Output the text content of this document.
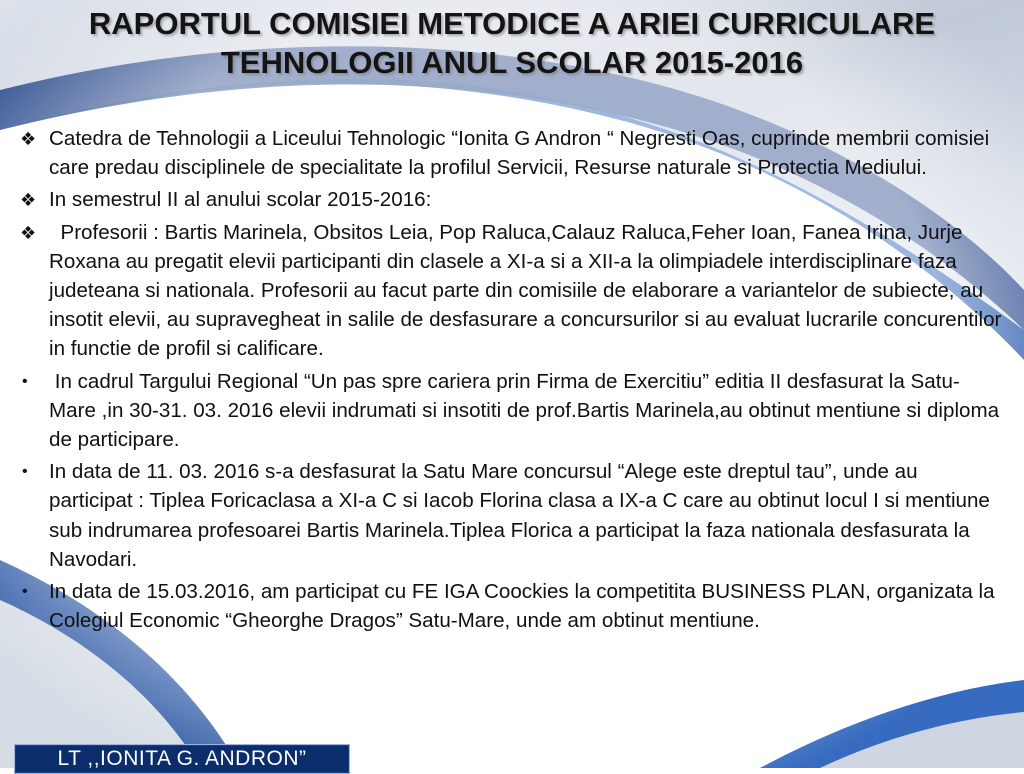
RAPORTUL COMISIEI METODICE A ARIEI CURRICULARE
TEHNOLOGII ANUL SCOLAR 2015-2016
❖ Catedra de Tehnologii a Liceului Tehnologic “Ionita G Andron “ Negresti Oas, cuprinde membrii comisiei care predau disciplinele de specialitate la profilul Servicii, Resurse naturale si Protectia Mediului.
❖ In semestrul II al anului scolar 2015-2016:
❖ Profesorii : Bartis Marinela, Obsitos Leia, Pop Raluca,Calauz Raluca,Feher Ioan, Fanea Irina, Jurje Roxana au pregatit elevii participanti din clasele a XI-a si a XII-a la olimpiadele interdisciplinare faza judeteana si nationala. Profesorii au facut parte din comisiile de elaborare a variantelor de subiecte, au insotit elevii, au supravegheat in salile de desfasurare a concursurilor si au evaluat lucrarile concurentilor in functie de profil si calificare.
•	In cadrul Targului Regional “Un pas spre cariera prin Firma de Exercitiu” editia II desfasurat la Satu-Mare ,in 30-31. 03. 2016 elevii indrumati si insotiti de prof.Bartis Marinela,au obtinut mentiune si diploma de participare.
•	In data de 11. 03. 2016 s-a desfasurat la Satu Mare concursul “Alege este dreptul tau”, unde au participat : Tiplea Foricaclasa a XI-a C si Iacob Florina clasa a IX-a C care au obtinut locul I si mentiune sub indrumarea profesoarei Bartis Marinela.Tiplea Florica a participat la faza nationala desfasurata la Navodari.
•	In data de 15.03.2016, am participat cu FE IGA Coockies la competitita BUSINESS PLAN, organizata la Colegiul Economic “Gheorghe Dragos” Satu-Mare, unde am obtinut mentiune.
LT ,,IONITA G. ANDRON”
